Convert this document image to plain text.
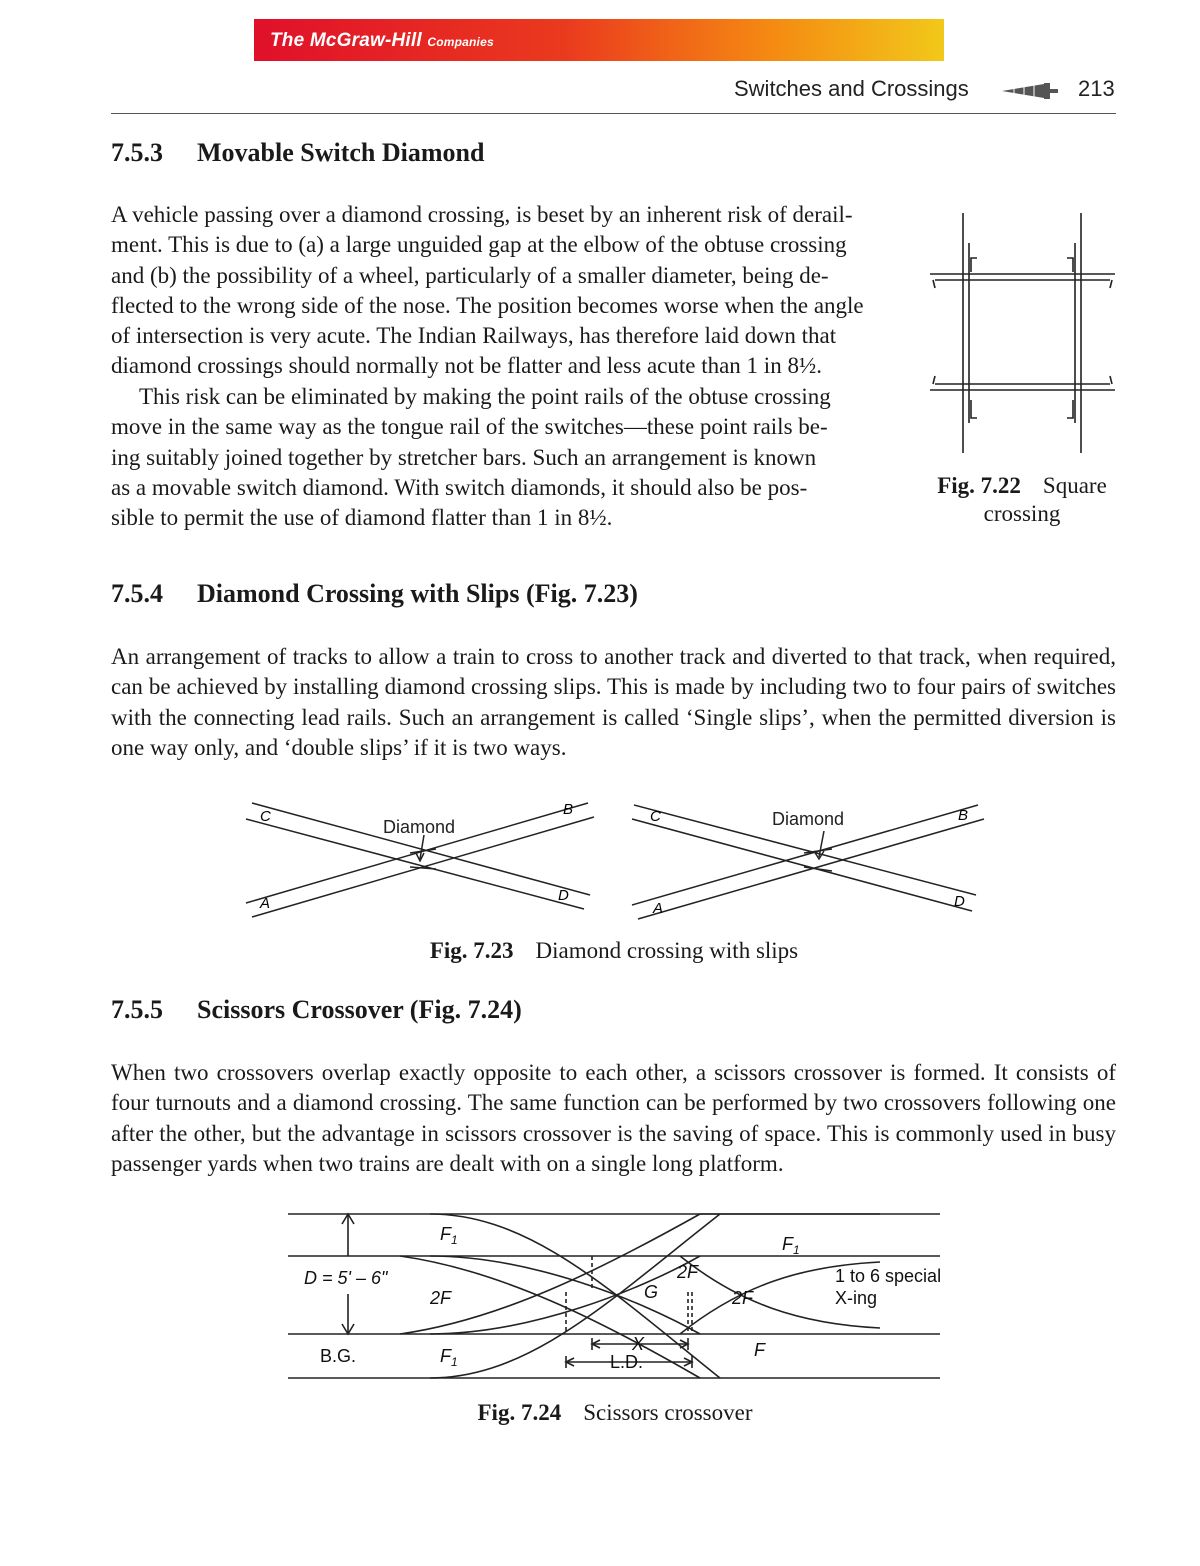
The McGraw-Hill Companies
Switches and Crossings	213
7.5.3 Movable Switch Diamond
A vehicle passing over a diamond crossing, is beset by an inherent risk of derail-
ment. This is due to (a) a large unguided gap at the elbow of the obtuse crossing
and (b) the possibility of a wheel, particularly of a smaller diameter, being de-
flected to the wrong side of the nose. The position becomes worse when the angle
of intersection is very acute. The Indian Railways, has therefore laid down that
diamond crossings should normally not be flatter and less acute than 1 in 8½.
This risk can be eliminated by making the point rails of the obtuse crossing
move in the same way as the tongue rail of the switches—these point rails be-
ing suitably joined together by stretcher bars. Such an arrangement is known
as a movable switch diamond. With switch diamonds, it should also be pos-
sible to permit the use of diamond flatter than 1 in 8½.
Fig. 7.22 Square
crossing
7.5.4 Diamond Crossing with Slips (Fig. 7.23)
An arrangement of tracks to allow a train to cross to another track and diverted to that track, when required, can be achieved by installing diamond crossing slips. This is made by including two to four pairs of switches with the connecting lead rails. Such an arrangement is called ‘Single slips’, when the permitted diversion is one way only, and ‘double slips’ if it is two ways.
C	B
A	D
Diamond
C	B
A	D
Diamond
Fig. 7.23 Diamond crossing with slips
7.5.5 Scissors Crossover (Fig. 7.24)
When two crossovers overlap exactly opposite to each other, a scissors crossover is formed. It consists of four turnouts and a diamond crossing. The same function can be performed by two crossovers following one after the other, but the advantage in scissors crossover is the saving of space. This is commonly used in busy passenger yards when two trains are dealt with on a single long platform.
$F_1$	$F_1$
$F_1$
D = 5' – 6"
2F
2F
2F
G
X
L.D.
F
B.G.
1 to 6 special
X-ing
Fig. 7.24 Scissors crossover
